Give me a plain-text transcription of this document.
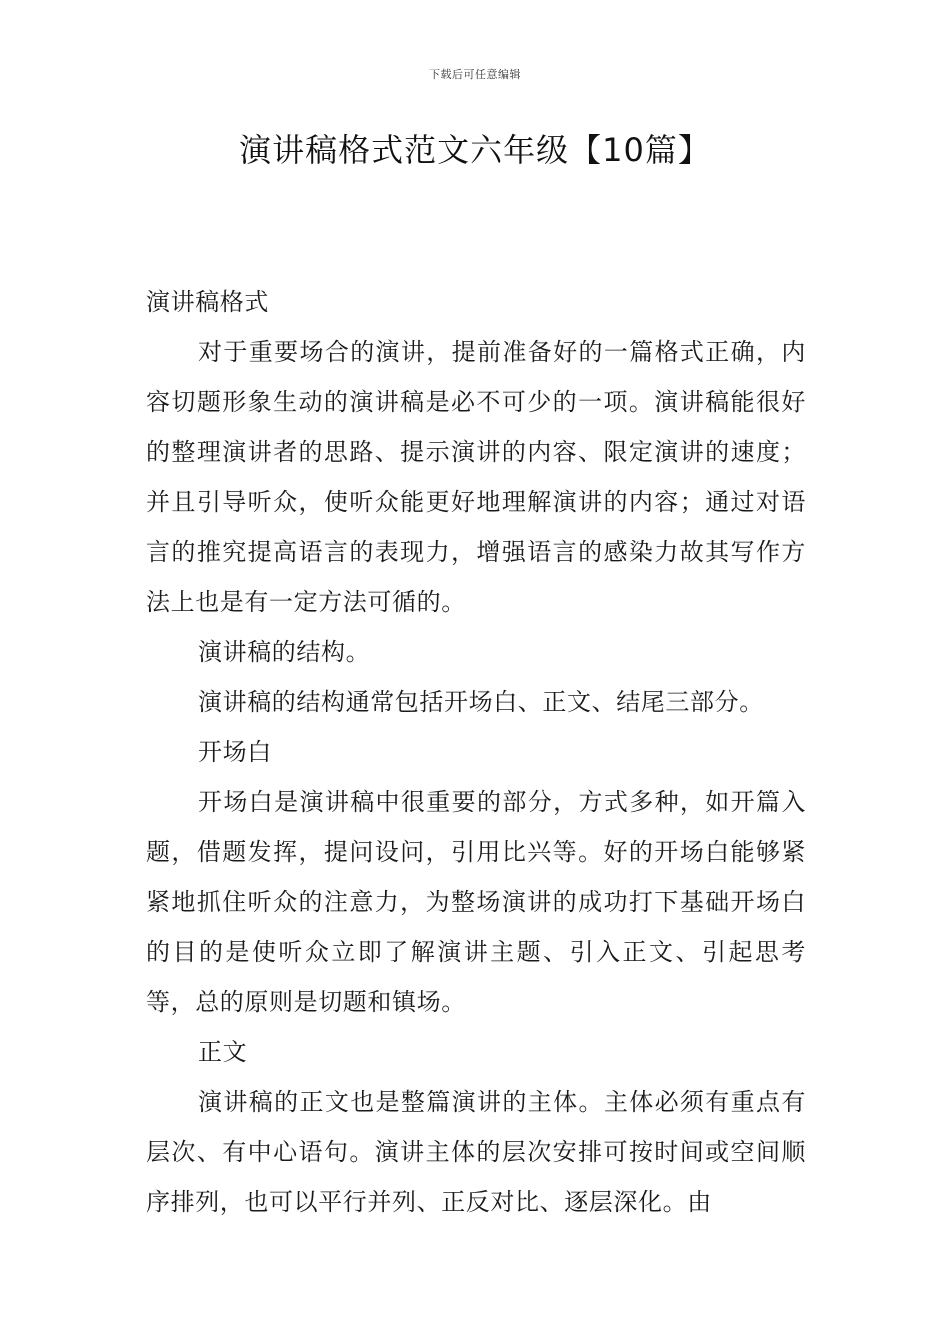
下载后可任意编辑
演讲稿格式范文六年级【10篇】

演讲稿格式

对于重要场合的演讲，提前准备好的一篇格式正确，内容切题形象生动的演讲稿是必不可少的一项。演讲稿能很好的整理演讲者的思路、提示演讲的内容、限定演讲的速度；并且引导听众，使听众能更好地理解演讲的内容；通过对语言的推究提高语言的表现力，增强语言的感染力故其写作方法上也是有一定方法可循的。

演讲稿的结构。

演讲稿的结构通常包括开场白、正文、结尾三部分。

开场白

开场白是演讲稿中很重要的部分，方式多种，如开篇入题，借题发挥，提问设问，引用比兴等。好的开场白能够紧紧地抓住听众的注意力，为整场演讲的成功打下基础开场白的目的是使听众立即了解演讲主题、引入正文、引起思考等，总的原则是切题和镇场。

正文

演讲稿的正文也是整篇演讲的主体。主体必须有重点有层次、有中心语句。演讲主体的层次安排可按时间或空间顺序排列，也可以平行并列、正反对比、逐层深化。由
